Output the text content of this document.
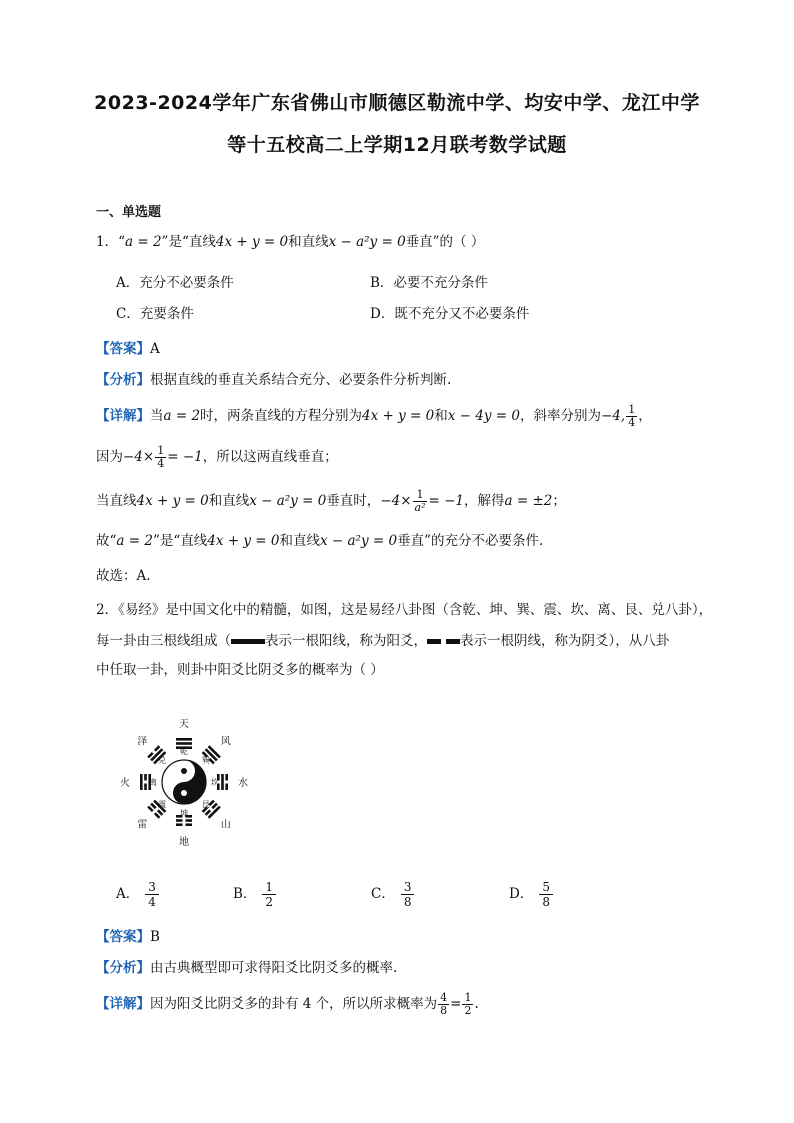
2023-2024学年广东省佛山市顺德区勒流中学、均安中学、龙江中学
等十五校高二上学期12月联考数学试题
一、单选题
1．“a = 2”是“直线4x + y = 0和直线x − a²y = 0垂直”的（ ）
A．充分不必要条件	B．必要不充分条件
C．充要条件	D．既不充分又不必要条件
【答案】A
【分析】根据直线的垂直关系结合充分、必要条件分析判断.
【详解】当a = 2时，两条直线的方程分别为4x + y = 0和x − 4y = 0，斜率分别为−4, $\frac{1}{4}$ ，
因为$-4\times \frac{1}{4} = -1$，所以这两直线垂直；
当直线4x + y = 0和直线x − a²y = 0垂直时，$-4\times \frac{1}{\text{a²}} = -1$，解得a = ±2；
故“a = 2”是“直线4x + y = 0和直线x − a²y = 0垂直”的充分不必要条件.
故选：A.
2．《易经》是中国文化中的精髓，如图，这是易经八卦图（含乾、坤、巽、震、坎、离、艮、兑八卦），
每一卦由三根线组成（	表示一根阳线，称为阳爻， 表示一根阴线，称为阴爻），从八卦
中任取一卦，则卦中阳爻比阴爻多的概率为（ ）
天
乾
风
巽
水
坎
山
艮
地
坤
雷
震
火 离
泽
兑
A． $\frac{3}{4}$	B． $\frac{1}{2}$	C． $\frac{3}{8}$	D． $\frac{5}{8}$
【答案】B
【分析】由古典概型即可求得阳爻比阴爻多的概率.
【详解】因为阳爻比阴爻多的卦有 4 个，所以所求概率为 $\frac{4}{8} = \frac{1}{2}$ .
